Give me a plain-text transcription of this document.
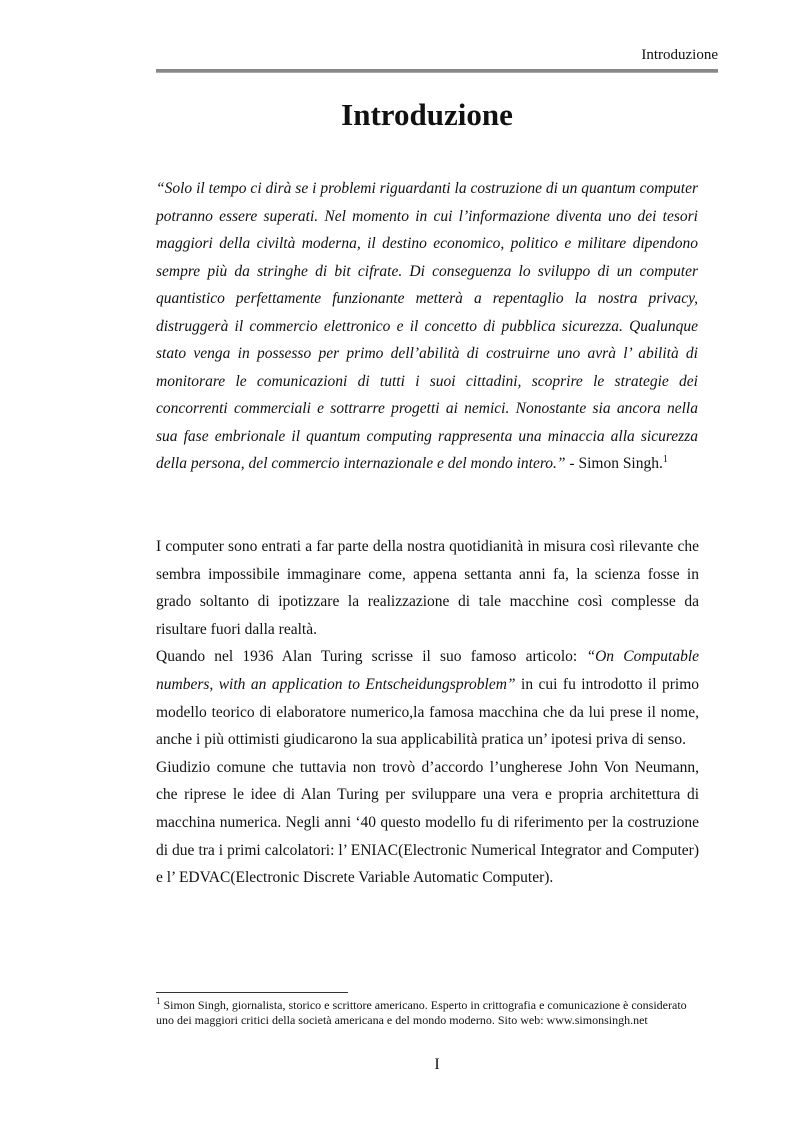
Introduzione
Introduzione

“Solo il tempo ci dirà se i problemi riguardanti la costruzione di un quantum computer potranno essere superati. Nel momento in cui l’informazione diventa uno dei tesori maggiori della civiltà moderna, il destino economico, politico e militare dipendono sempre più da stringhe di bit cifrate. Di conseguenza lo sviluppo di un computer quantistico perfettamente funzionante metterà a repentaglio la nostra privacy, distruggerà il commercio elettronico e il concetto di pubblica sicurezza. Qualunque stato venga in possesso per primo dell’abilità di costruirne uno avrà l’ abilità di monitorare le comunicazioni di tutti i suoi cittadini, scoprire le strategie dei concorrenti commerciali e sottrarre progetti ai nemici. Nonostante sia ancora nella sua fase embrionale il quantum computing rappresenta una minaccia alla sicurezza della persona, del commercio internazionale e del mondo intero.” - Simon Singh.$^1$

I computer sono entrati a far parte della nostra quotidianità in misura così rilevante che sembra impossibile immaginare come, appena settanta anni fa, la scienza fosse in grado soltanto di ipotizzare la realizzazione di tale macchine così complesse da risultare fuori dalla realtà.

Quando nel 1936 Alan Turing scrisse il suo famoso articolo: “On Computable numbers, with an application to Entscheidungsproblem” in cui fu introdotto il primo modello teorico di elaboratore numerico,la famosa macchina che da lui prese il nome, anche i più ottimisti giudicarono la sua applicabilità pratica un’ ipotesi priva di senso.

Giudizio comune che tuttavia non trovò d’accordo l’ungherese John Von Neumann, che riprese le idee di Alan Turing per sviluppare una vera e propria architettura di macchina numerica. Negli anni ‘40 questo modello fu di riferimento per la costruzione di due tra i primi calcolatori: l’ ENIAC(Electronic Numerical Integrator and Computer) e l’ EDVAC(Electronic Discrete Variable Automatic Computer).

$^1$ Simon Singh, giornalista, storico e scrittore americano. Esperto in crittografia e comunicazione è considerato uno dei maggiori critici della società americana e del mondo moderno. Sito web: www.simonsingh.net

I
